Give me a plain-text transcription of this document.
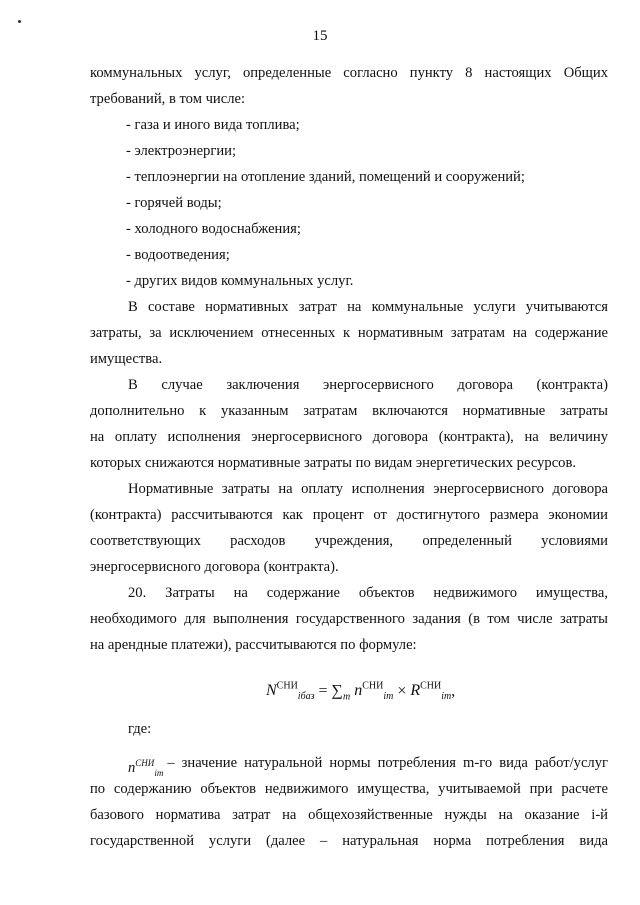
15
коммунальных услуг, определенные согласно пункту 8 настоящих Общих
требований, в том числе:
- газа и иного вида топлива;
- электроэнергии;
- теплоэнергии на отопление зданий, помещений и сооружений;
- горячей воды;
- холодного водоснабжения;
- водоотведения;
- других видов коммунальных услуг.
В составе нормативных затрат на коммунальные услуги учитываются
затраты, за исключением отнесенных к нормативным затратам на содержание
имущества.
В случае заключения энергосервисного договора (контракта)
дополнительно к указанным затратам включаются нормативные затраты
на оплату исполнения энергосервисного договора (контракта), на величину
которых снижаются нормативные затраты по видам энергетических ресурсов.
Нормативные затраты на оплату исполнения энергосервисного договора
(контракта) рассчитываются как процент от достигнутого размера экономии
соответствующих расходов учреждения, определенный условиями
энергосервисного договора (контракта).
20. Затраты на содержание объектов недвижимого имущества,
необходимого для выполнения государственного задания (в том числе затраты
на арендные платежи), рассчитываются по формуле:
$N^{СНИ}_{iбаз} = \sum_m$ $n^{СНИ}_{im} \times R^{СНИ}_{im}$,
где:
$n^{СНИ}_{im}$
– значение натуральной нормы потребления m-го вида работ/услуг
по содержанию объектов недвижимого имущества, учитываемой при расчете
базового норматива затрат на общехозяйственные нужды на оказание i-й
государственной услуги (далее – натуральная норма потребления вида
